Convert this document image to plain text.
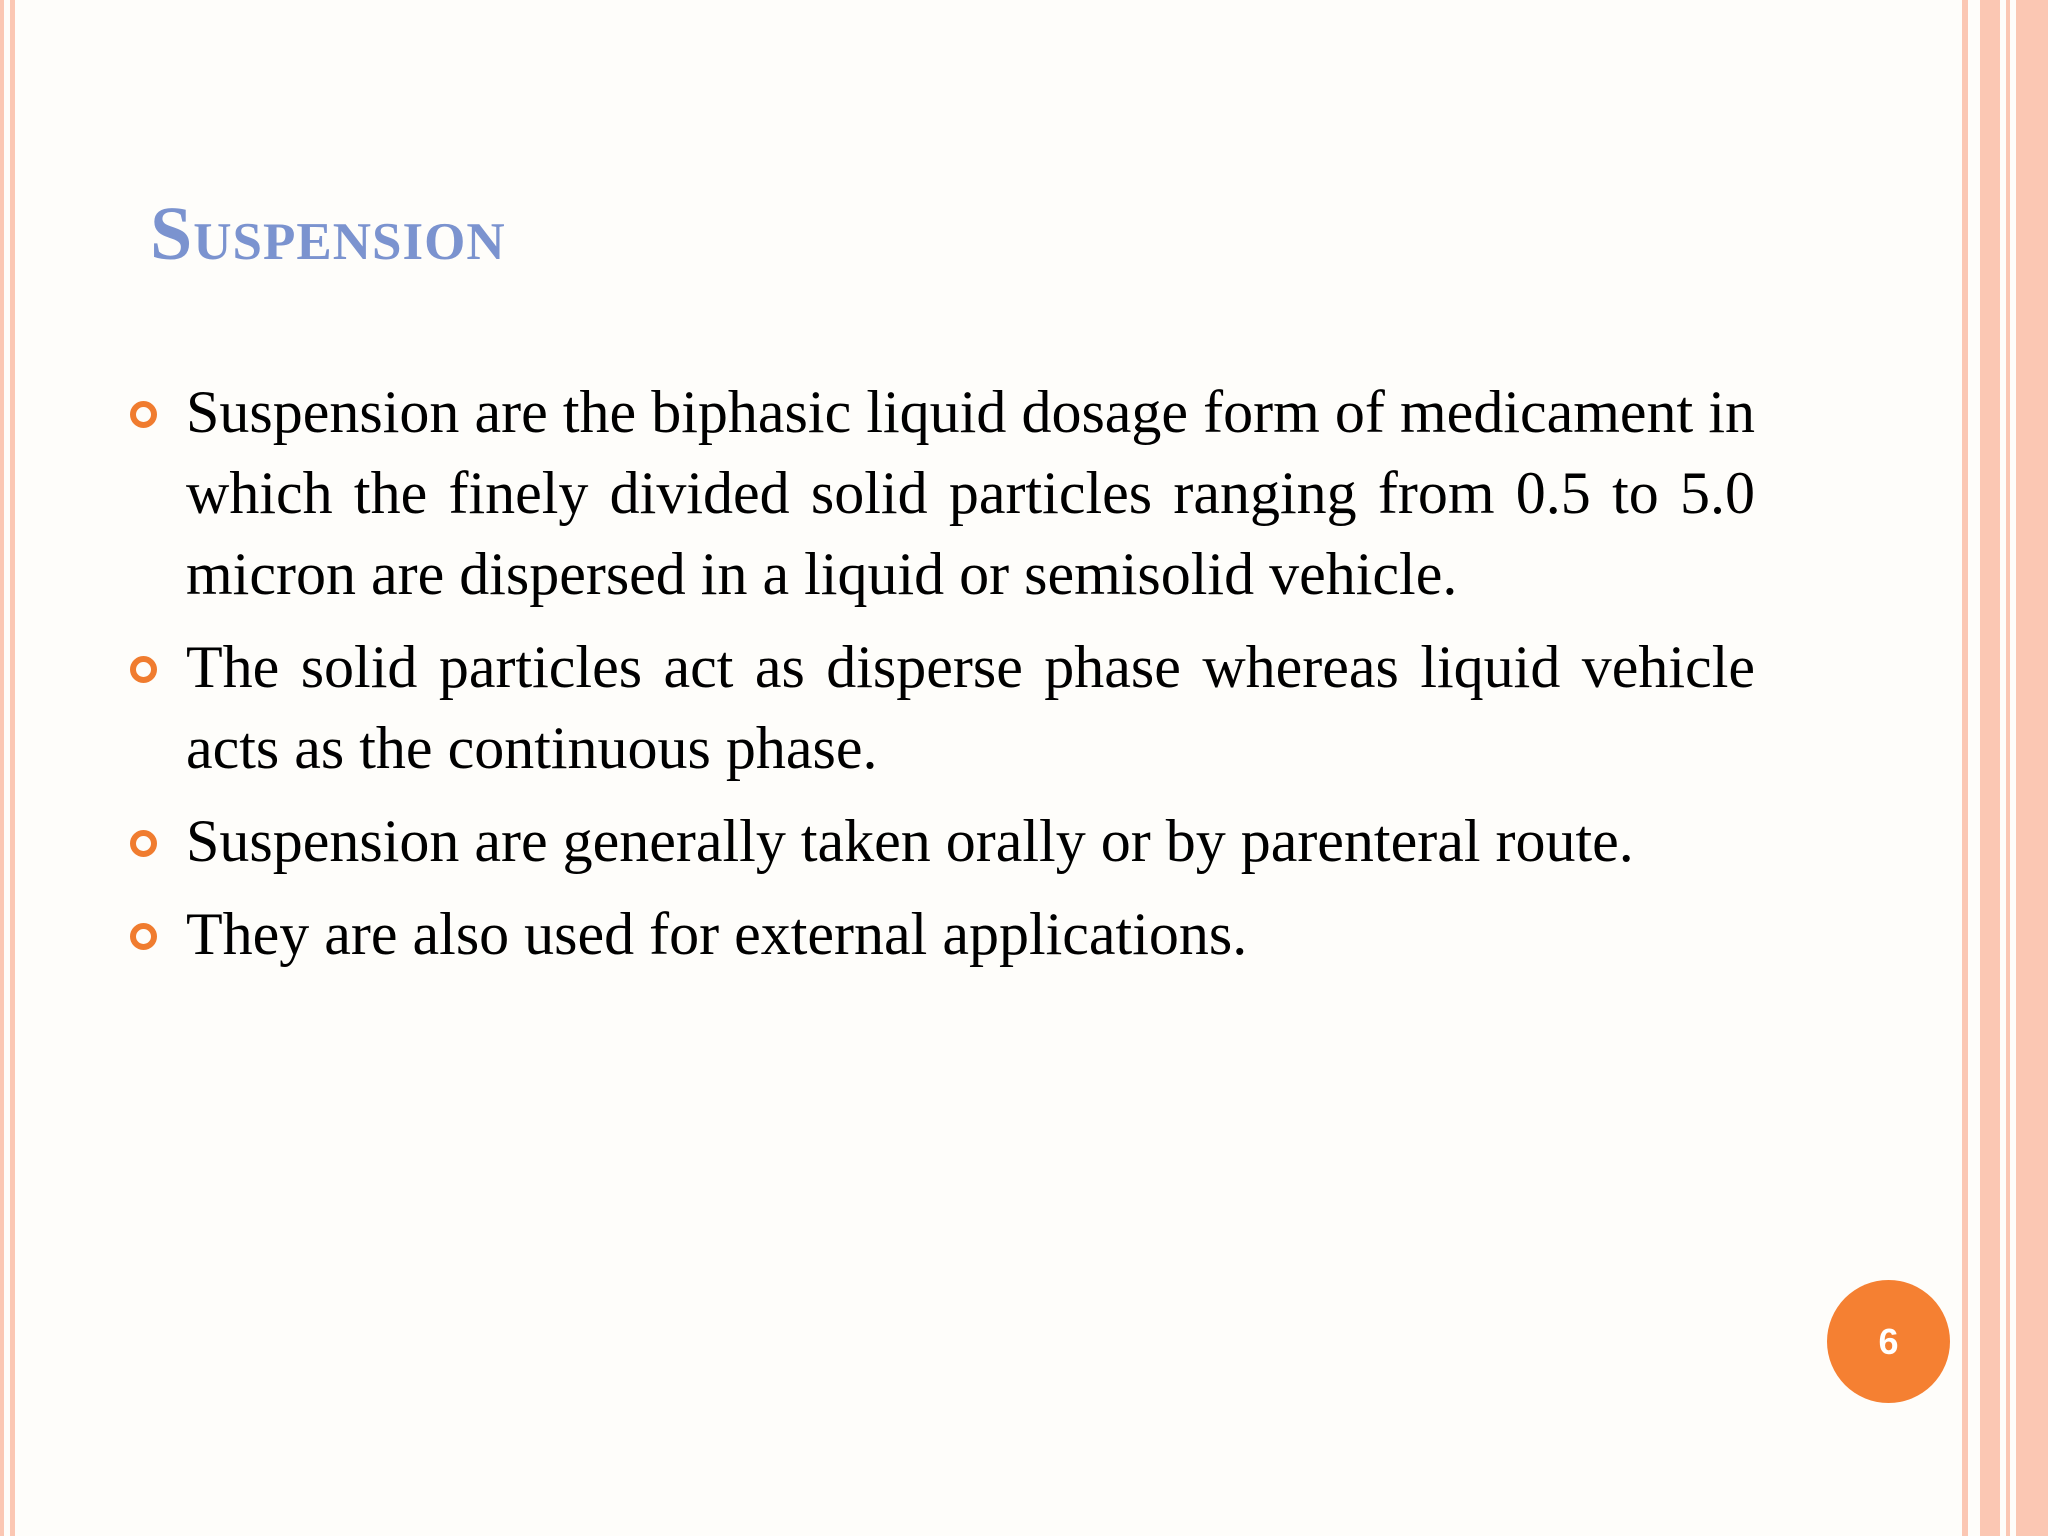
Suspension
Suspension are the biphasic liquid dosage form of medicament in which the finely divided solid particles ranging from 0.5 to 5.0 micron are dispersed in a liquid or semisolid vehicle.
The solid particles act as disperse phase whereas liquid vehicle acts as the continuous phase.
Suspension are generally taken orally or by parenteral route.
They are also used for external applications.
6
